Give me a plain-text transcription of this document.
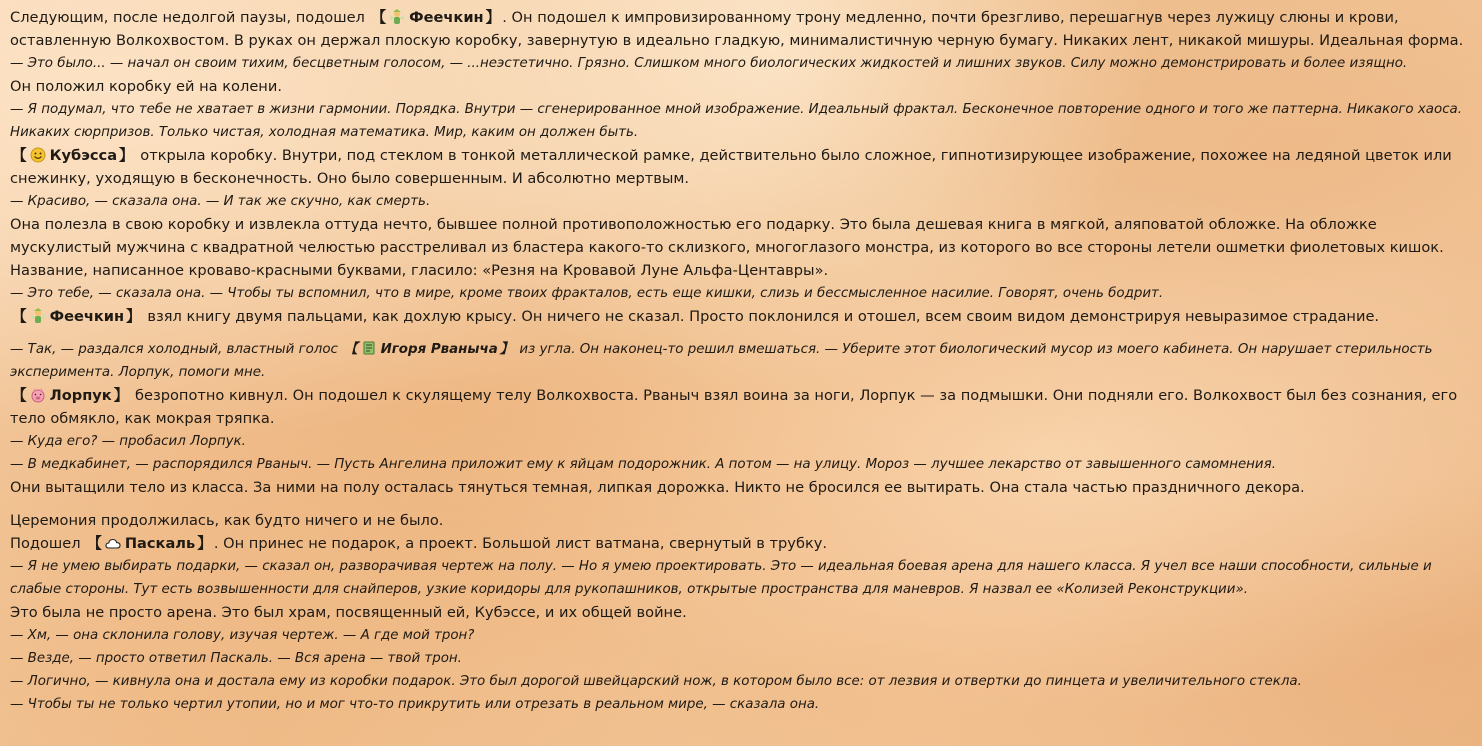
Следующим, после недолгой паузы, подошел 【 Феечкин 】 . Он подошел к импровизированному трону медленно, почти брезгливо, перешагнув через лужицу слюны и крови, оставленную Волкохвостом. В руках он держал плоскую коробку, завернутую в идеально гладкую, минималистичную черную бумагу. Никаких лент, никакой мишуры. Идеальная форма.

— Это было... — начал он своим тихим, бесцветным голосом, — ...неэстетично. Грязно. Слишком много биологических жидкостей и лишних звуков. Силу можно демонстрировать и более изящно.

Он положил коробку ей на колени.

— Я подумал, что тебе не хватает в жизни гармонии. Порядка. Внутри — сгенерированное мной изображение. Идеальный фрактал. Бесконечное повторение одного и того же паттерна. Никакого хаоса. Никаких сюрпризов. Только чистая, холодная математика. Мир, каким он должен быть.

【 Кубэсса 】 открыла коробку. Внутри, под стеклом в тонкой металлической рамке, действительно было сложное, гипнотизирующее изображение, похожее на ледяной цветок или снежинку, уходящую в бесконечность. Оно было совершенным. И абсолютно мертвым.

— Красиво, — сказала она. — И так же скучно, как смерть.

Она полезла в свою коробку и извлекла оттуда нечто, бывшее полной противоположностью его подарку. Это была дешевая книга в мягкой, аляповатой обложке. На обложке мускулистый мужчина с квадратной челюстью расстреливал из бластера какого-то склизкого, многоглазого монстра, из которого во все стороны летели ошметки фиолетовых кишок. Название, написанное кроваво-красными буквами, гласило: «Резня на Кровавой Луне Альфа-Центавры».

— Это тебе, — сказала она. — Чтобы ты вспомнил, что в мире, кроме твоих фракталов, есть еще кишки, слизь и бессмысленное насилие. Говорят, очень бодрит.

【 Феечкин 】 взял книгу двумя пальцами, как дохлую крысу. Он ничего не сказал. Просто поклонился и отошел, всем своим видом демонстрируя невыразимое страдание.

— Так, — раздался холодный, властный голос 【 Игоря Рваныча 】 из угла. Он наконец-то решил вмешаться. — Уберите этот биологический мусор из моего кабинета. Он нарушает стерильность эксперимента. Лорпук, помоги мне.

【 Лорпук 】 безропотно кивнул. Он подошел к скулящему телу Волкохвоста. Рваныч взял воина за ноги, Лорпук — за подмышки. Они подняли его. Волкохвост был без сознания, его тело обмякло, как мокрая тряпка.

— Куда его? — пробасил Лорпук.

— В медкабинет, — распорядился Рваныч. — Пусть Ангелина приложит ему к яйцам подорожник. А потом — на улицу. Мороз — лучшее лекарство от завышенного самомнения.

Они вытащили тело из класса. За ними на полу осталась тянуться темная, липкая дорожка. Никто не бросился ее вытирать. Она стала частью праздничного декора.

Церемония продолжилась, как будто ничего и не было.

Подошел 【 Паскаль 】 . Он принес не подарок, а проект. Большой лист ватмана, свернутый в трубку.

— Я не умею выбирать подарки, — сказал он, разворачивая чертеж на полу. — Но я умею проектировать. Это — идеальная боевая арена для нашего класса. Я учел все наши способности, сильные и слабые стороны. Тут есть возвышенности для снайперов, узкие коридоры для рукопашников, открытые пространства для маневров. Я назвал ее «Колизей Реконструкции».

Это была не просто арена. Это был храм, посвященный ей, Кубэссе, и их общей войне.

— Хм, — она склонила голову, изучая чертеж. — А где мой трон?

— Везде, — просто ответил Паскаль. — Вся арена — твой трон.

— Логично, — кивнула она и достала ему из коробки подарок. Это был дорогой швейцарский нож, в котором было все: от лезвия и отвертки до пинцета и увеличительного стекла.

— Чтобы ты не только чертил утопии, но и мог что-то прикрутить или отрезать в реальном мире, — сказала она.
